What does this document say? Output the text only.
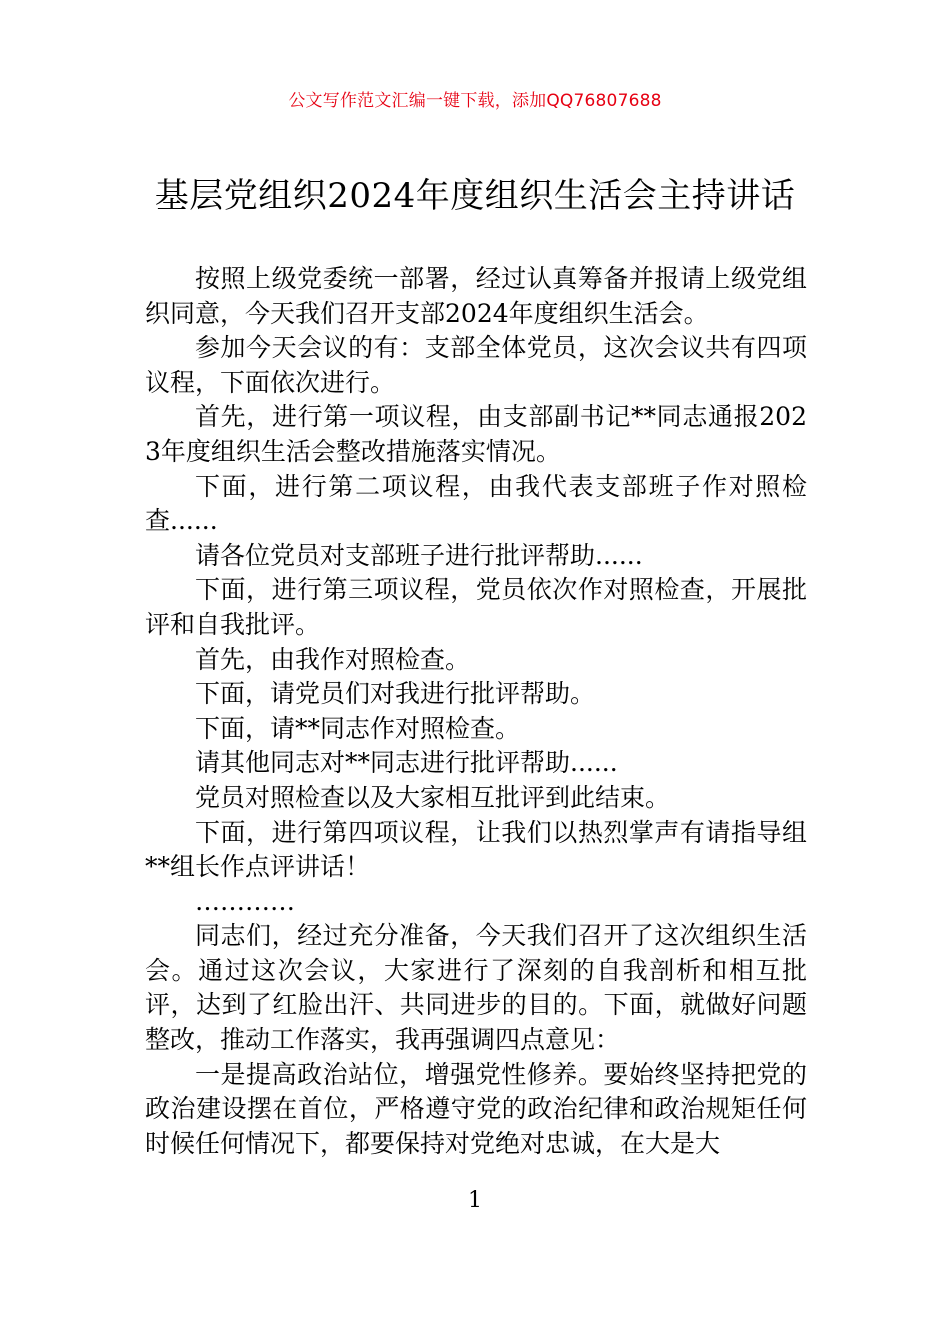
公文写作范文汇编一键下载，添加QQ76807688
基层党组织2024年度组织生活会主持讲话

按照上级党委统一部署，经过认真筹备并报请上级党组织同意，今天我们召开支部2024年度组织生活会。

参加今天会议的有：支部全体党员，这次会议共有四项议程，下面依次进行。

首先，进行第一项议程，由支部副书记**同志通报2023年度组织生活会整改措施落实情况。

下面，进行第二项议程，由我代表支部班子作对照检查......

请各位党员对支部班子进行批评帮助......

下面，进行第三项议程，党员依次作对照检查，开展批评和自我批评。

首先，由我作对照检查。

下面，请党员们对我进行批评帮助。

下面，请**同志作对照检查。

请其他同志对**同志进行批评帮助......

党员对照检查以及大家相互批评到此结束。

下面，进行第四项议程，让我们以热烈掌声有请指导组**组长作点评讲话！

…………

同志们，经过充分准备，今天我们召开了这次组织生活会。通过这次会议，大家进行了深刻的自我剖析和相互批评，达到了红脸出汗、共同进步的目的。下面，就做好问题整改，推动工作落实，我再强调四点意见：

一是提高政治站位，增强党性修养。要始终坚持把党的政治建设摆在首位，严格遵守党的政治纪律和政治规矩任何时候任何情况下，都要保持对党绝对忠诚，在大是大

1
